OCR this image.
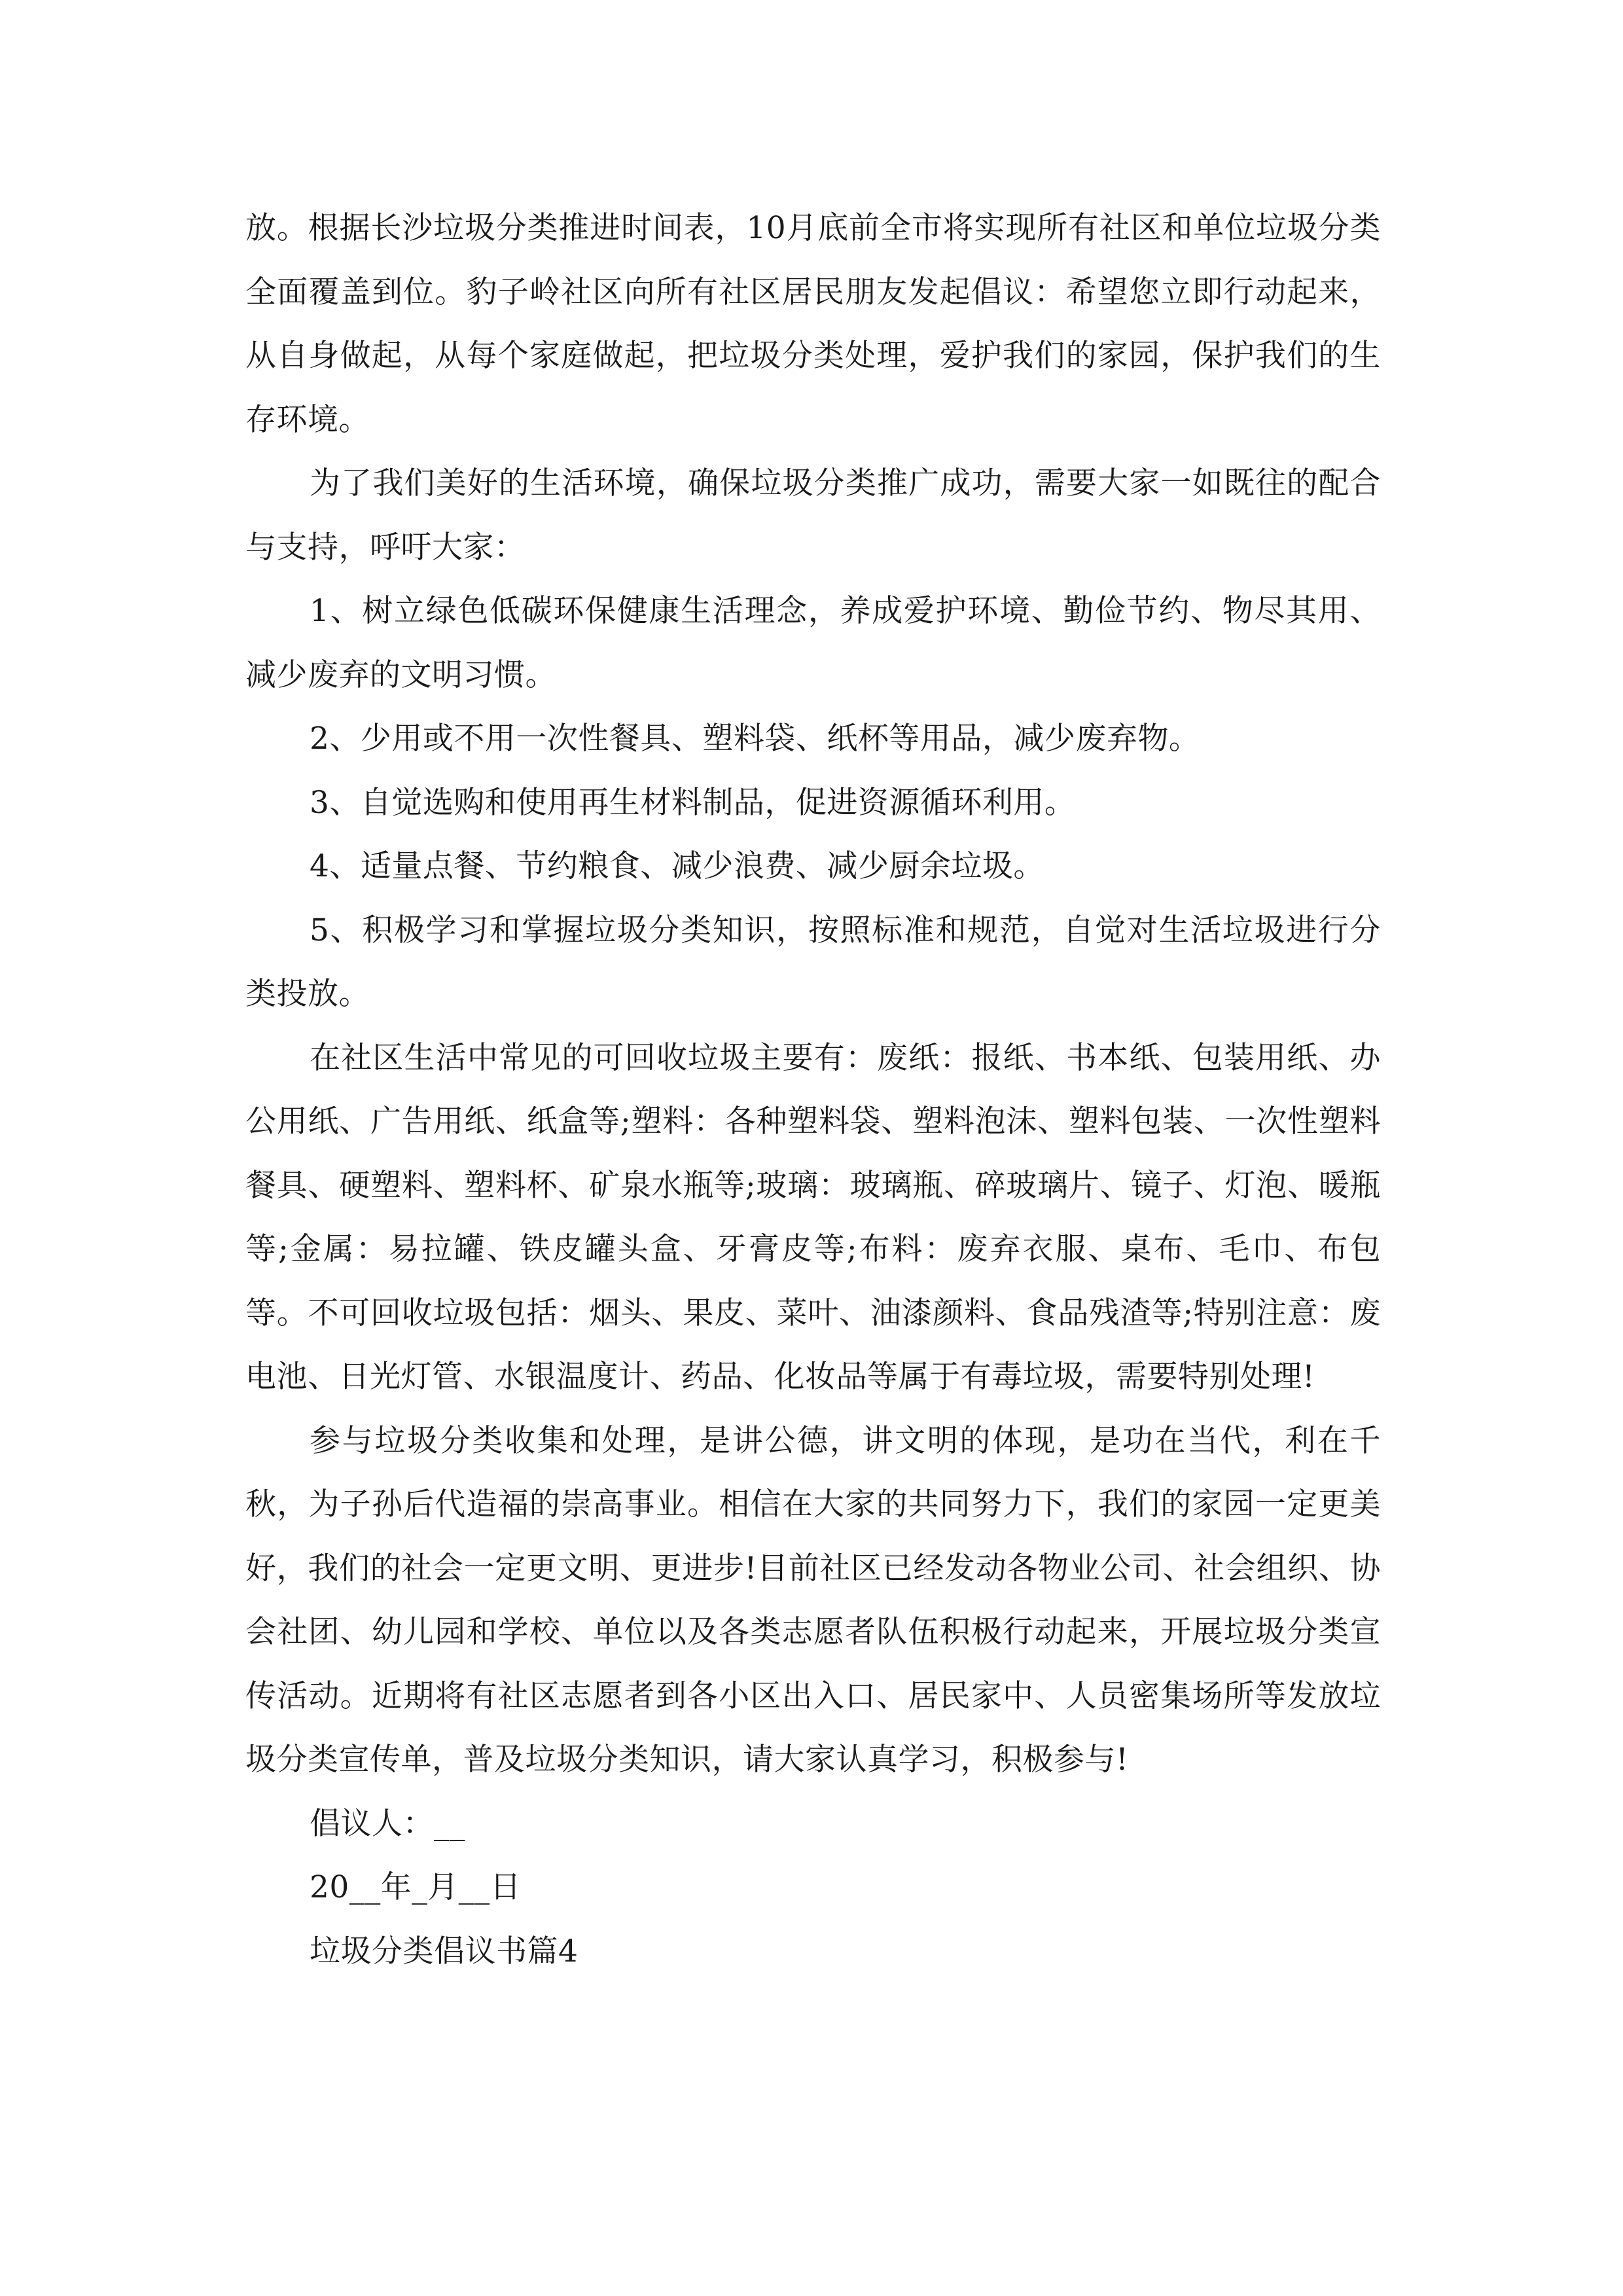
放。根据长沙垃圾分类推进时间表，10月底前全市将实现所有社区和单位垃圾分类全面覆盖到位。豹子岭社区向所有社区居民朋友发起倡议：希望您立即行动起来，从自身做起，从每个家庭做起，把垃圾分类处理，爱护我们的家园，保护我们的生存环境。

为了我们美好的生活环境，确保垃圾分类推广成功，需要大家一如既往的配合与支持，呼吁大家：

1、树立绿色低碳环保健康生活理念，养成爱护环境、勤俭节约、物尽其用、减少废弃的文明习惯。

2、少用或不用一次性餐具、塑料袋、纸杯等用品，减少废弃物。

3、自觉选购和使用再生材料制品，促进资源循环利用。

4、适量点餐、节约粮食、减少浪费、减少厨余垃圾。

5、积极学习和掌握垃圾分类知识，按照标准和规范，自觉对生活垃圾进行分类投放。

在社区生活中常见的可回收垃圾主要有：废纸：报纸、书本纸、包装用纸、办公用纸、广告用纸、纸盒等;塑料：各种塑料袋、塑料泡沫、塑料包装、一次性塑料餐具、硬塑料、塑料杯、矿泉水瓶等;玻璃：玻璃瓶、碎玻璃片、镜子、灯泡、暖瓶等;金属：易拉罐、铁皮罐头盒、牙膏皮等;布料：废弃衣服、桌布、毛巾、布包等。不可回收垃圾包括：烟头、果皮、菜叶、油漆颜料、食品残渣等;特别注意：废电池、日光灯管、水银温度计、药品、化妆品等属于有毒垃圾，需要特别处理!

参与垃圾分类收集和处理，是讲公德，讲文明的体现，是功在当代，利在千秋，为子孙后代造福的崇高事业。相信在大家的共同努力下，我们的家园一定更美好，我们的社会一定更文明、更进步!目前社区已经发动各物业公司、社会组织、协会社团、幼儿园和学校、单位以及各类志愿者队伍积极行动起来，开展垃圾分类宣传活动。近期将有社区志愿者到各小区出入口、居民家中、人员密集场所等发放垃圾分类宣传单，普及垃圾分类知识，请大家认真学习，积极参与!

倡议人：__

20__年_月__日

垃圾分类倡议书篇4
